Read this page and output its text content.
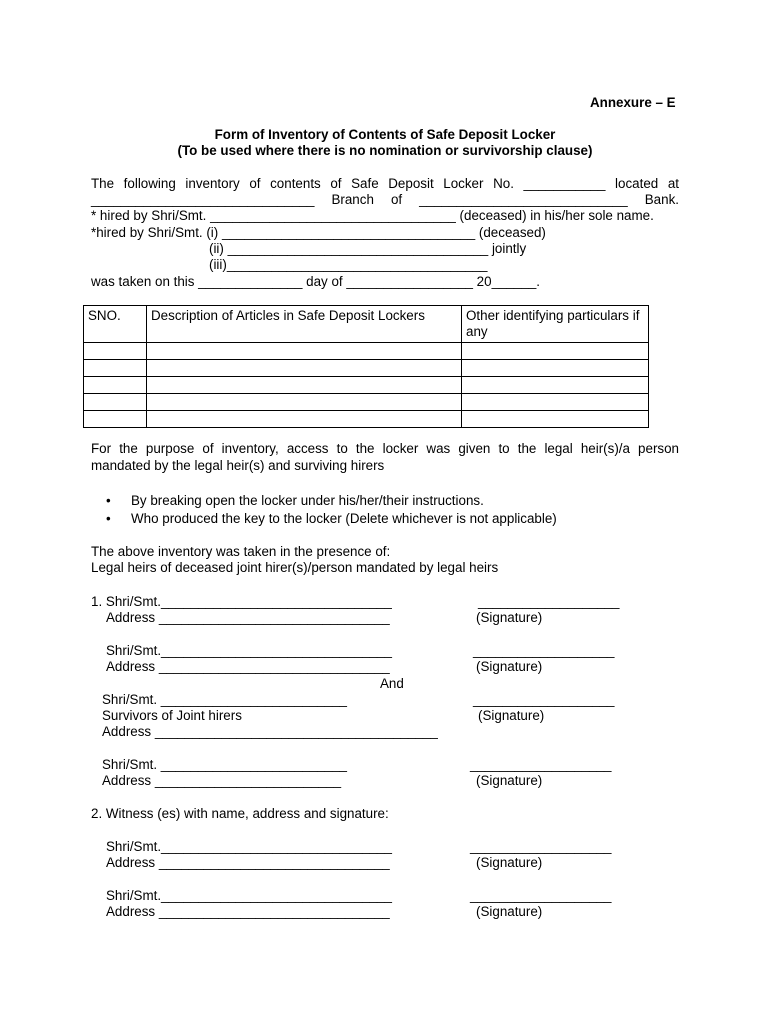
Annexure – E
Form of Inventory of Contents of Safe Deposit Locker
(To be used where there is no nomination or survivorship clause)
The following inventory of contents of Safe Deposit Locker No. ___________ located at
______________________________ Branch of ____________________________ Bank.
* hired by Shri/Smt. _________________________________ (deceased) in his/her sole name.
*hired by Shri/Smt. (i) __________________________________ (deceased)
(ii) ___________________________________ jointly
(iii)___________________________________
was taken on this ______________ day of _________________ 20______.
SNO.	Description of Articles in Safe Deposit Lockers	Other identifying particulars if any

For the purpose of inventory, access to the locker was given to the legal heir(s)/a person
mandated by the legal heir(s) and surviving hirers
• By breaking open the locker under his/her/their instructions.
• Who produced the key to the locker (Delete whichever is not applicable)
The above inventory was taken in the presence of:
Legal heirs of deceased joint hirer(s)/person mandated by legal heirs
1. Shri/Smt._______________________________
Address _______________________________
___________________
(Signature)
Shri/Smt._______________________________
Address _______________________________
___________________
(Signature)
And
Shri/Smt. _________________________
Survivors of Joint hirers
Address ______________________________________
___________________
(Signature)
Shri/Smt. _________________________
Address _________________________
___________________
(Signature)
2. Witness (es) with name, address and signature:
Shri/Smt._______________________________
Address _______________________________
___________________
(Signature)
Shri/Smt._______________________________
Address _______________________________
___________________
(Signature)
